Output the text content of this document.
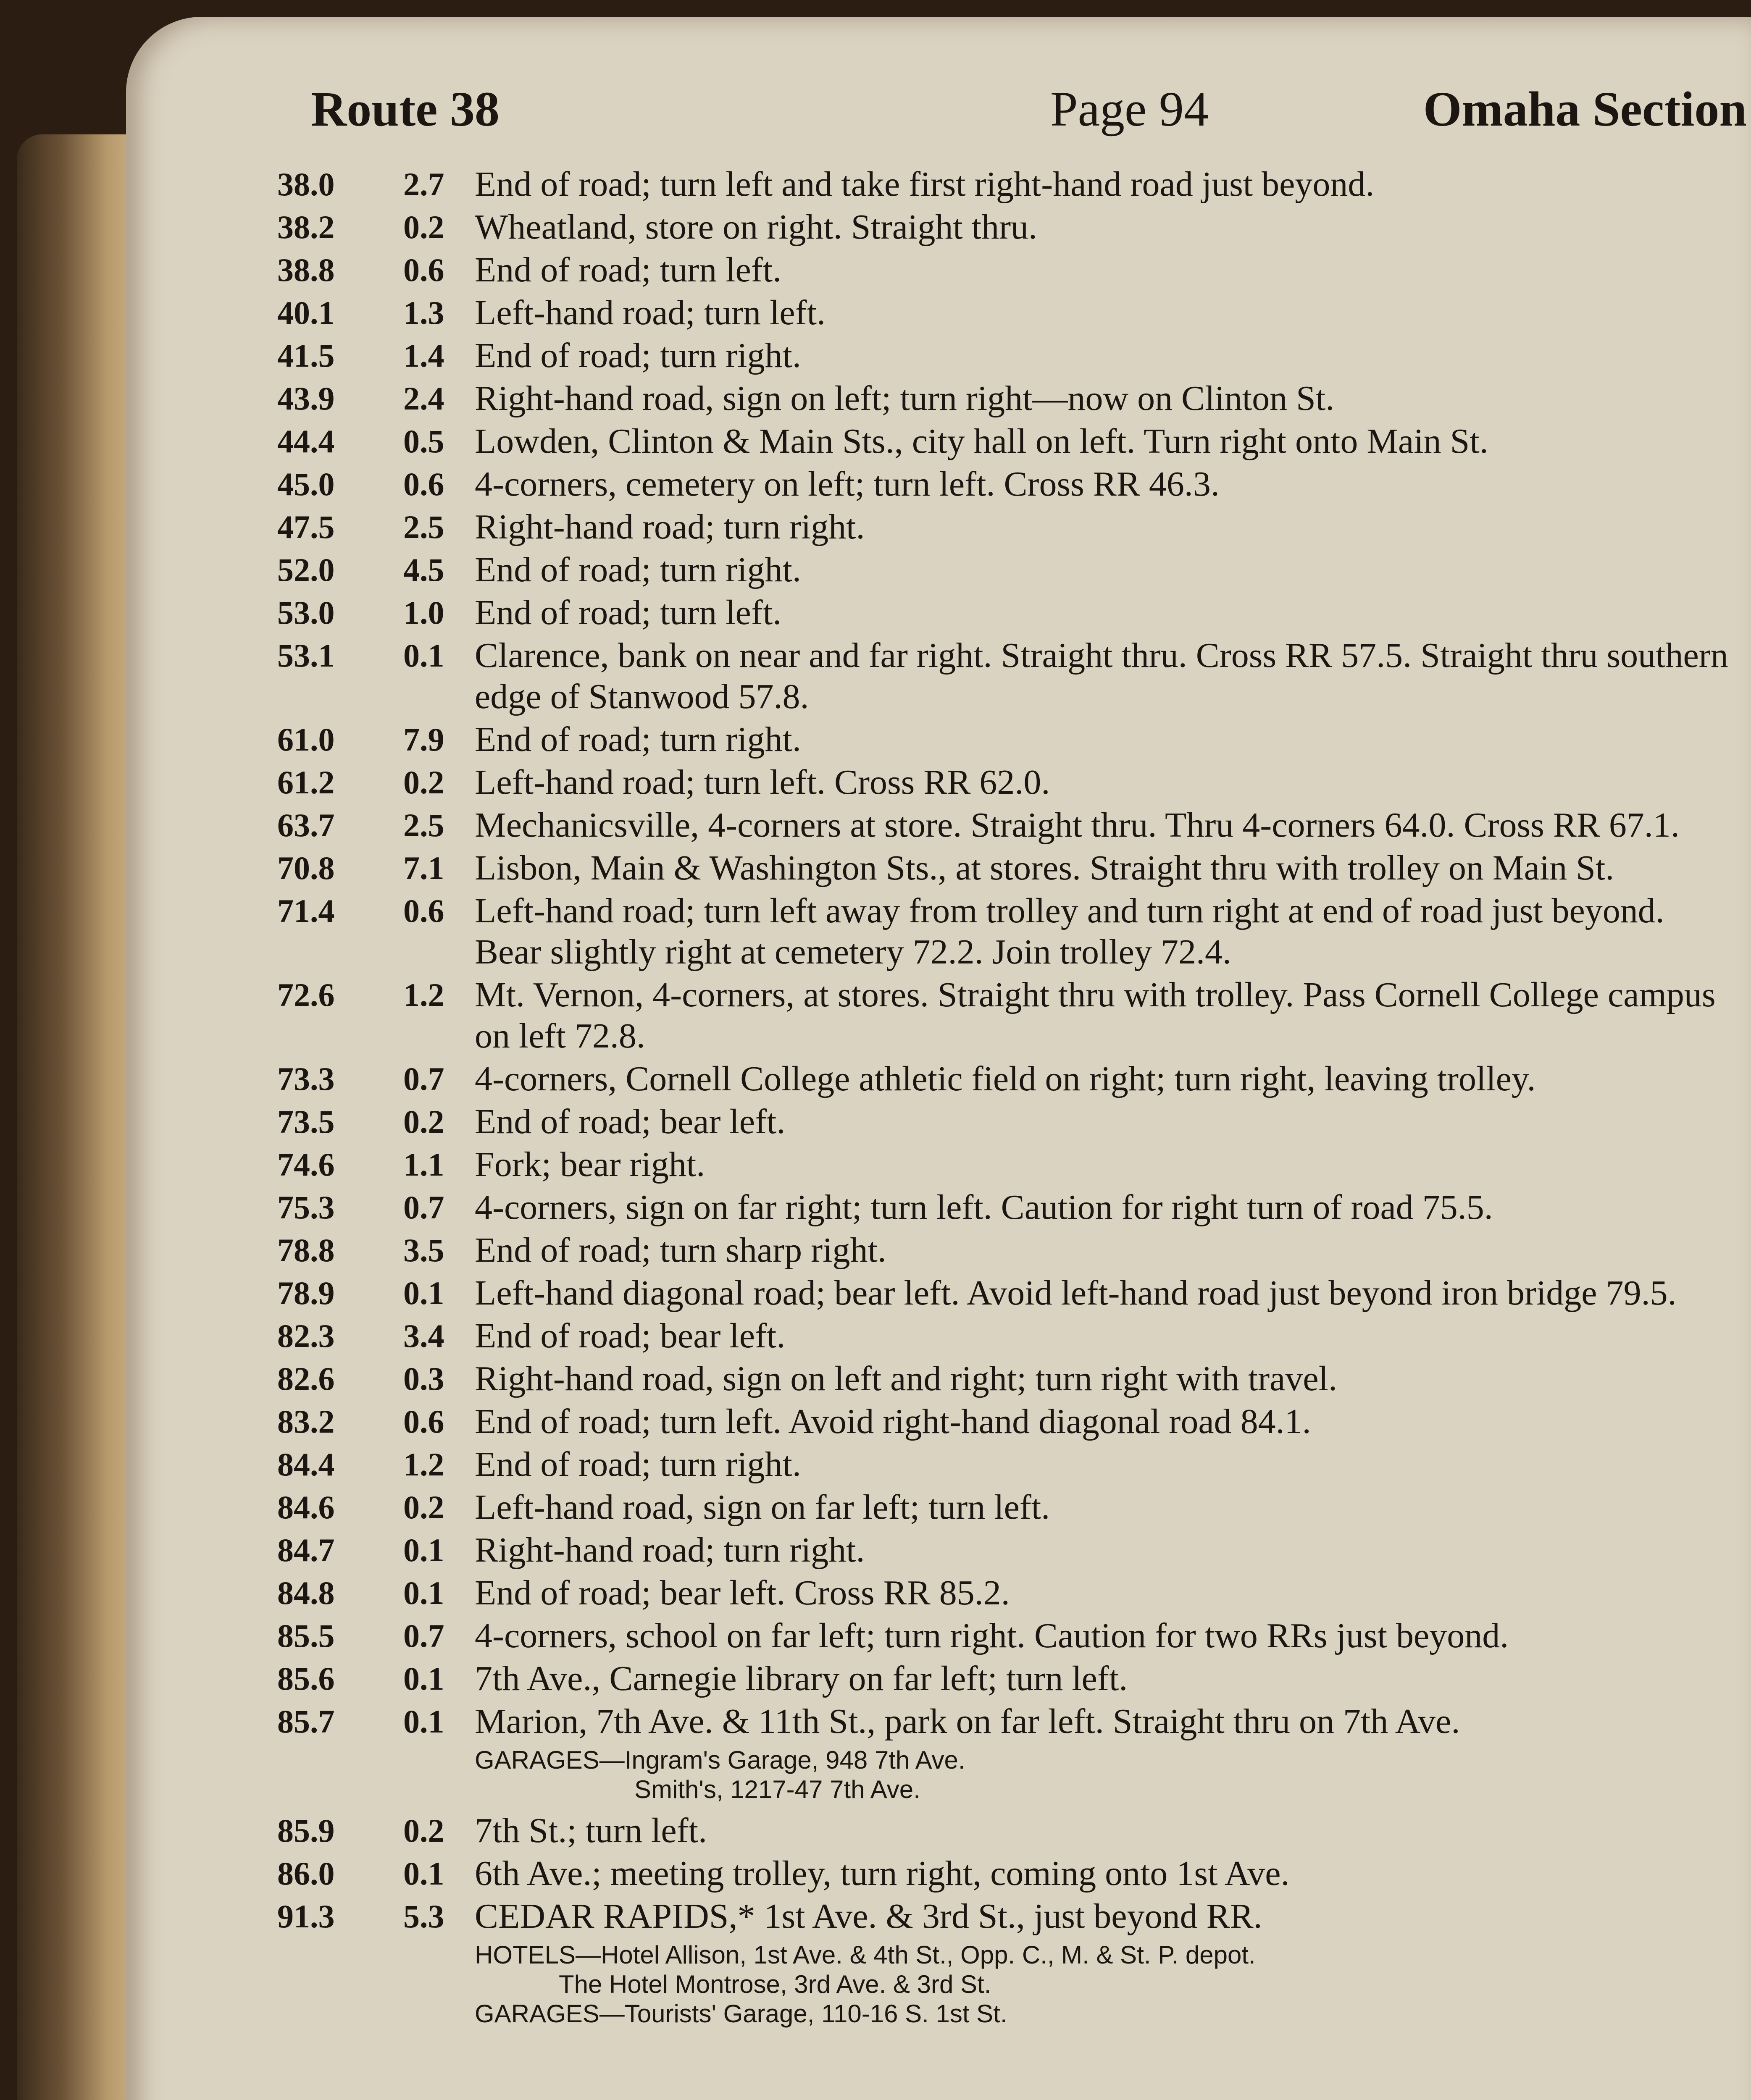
Route 38	Page 94	Omaha Section
38.0	2.7 End of road; turn left and take first right-hand road just beyond.
38.2	0.2 Wheatland, store on right. Straight thru.
38.8	0.6 End of road; turn left.
40.1	1.3 Left-hand road; turn left.
41.5	1.4 End of road; turn right.
43.9	2.4 Right-hand road, sign on left; turn right—now on Clinton St.
44.4	0.5 Lowden, Clinton & Main Sts., city hall on left. Turn right onto Main St.
45.0	0.6 4-corners, cemetery on left; turn left. Cross RR 46.3.
47.5	2.5 Right-hand road; turn right.
52.0	4.5 End of road; turn right.
53.0	1.0 End of road; turn left.
53.1	0.1 Clarence, bank on near and far right. Straight thru. Cross RR 57.5. Straight thru southern edge of Stanwood 57.8.
61.0	7.9 End of road; turn right.
61.2	0.2 Left-hand road; turn left. Cross RR 62.0.
63.7	2.5 Mechanicsville, 4-corners at store. Straight thru. Thru 4-corners 64.0. Cross RR 67.1.
70.8	7.1 Lisbon, Main & Washington Sts., at stores. Straight thru with trolley on Main St.
71.4	0.6 Left-hand road; turn left away from trolley and turn right at end of road just beyond. Bear slightly right at cemetery 72.2. Join trolley 72.4.
72.6	1.2 Mt. Vernon, 4-corners, at stores. Straight thru with trolley. Pass Cornell College campus on left 72.8.
73.3	0.7 4-corners, Cornell College athletic field on right; turn right, leaving trolley.
73.5	0.2 End of road; bear left.
74.6	1.1 Fork; bear right.
75.3	0.7 4-corners, sign on far right; turn left. Caution for right turn of road 75.5.
78.8	3.5 End of road; turn sharp right.
78.9	0.1 Left-hand diagonal road; bear left. Avoid left-hand road just beyond iron bridge 79.5.
82.3	3.4 End of road; bear left.
82.6	0.3 Right-hand road, sign on left and right; turn right with travel.
83.2	0.6 End of road; turn left. Avoid right-hand diagonal road 84.1.
84.4	1.2 End of road; turn right.
84.6	0.2 Left-hand road, sign on far left; turn left.
84.7	0.1 Right-hand road; turn right.
84.8	0.1 End of road; bear left. Cross RR 85.2.
85.5	0.7 4-corners, school on far left; turn right. Caution for two RRs just beyond.
85.6	0.1 7th Ave., Carnegie library on far left; turn left.
85.7	0.1 Marion, 7th Ave. & 11th St., park on far left. Straight thru on 7th Ave.
GARAGES—Ingram's Garage, 948 7th Ave.
Smith's, 1217-47 7th Ave.
85.9	0.2 7th St.; turn left.
86.0	0.1 6th Ave.; meeting trolley, turn right, coming onto 1st Ave.
91.3	5.3 CEDAR RAPIDS,* 1st Ave. & 3rd St., just beyond RR.
HOTELS—Hotel Allison, 1st Ave. & 4th St., Opp. C., M. & St. P. depot.
The Hotel Montrose, 3rd Ave. & 3rd St.
GARAGES—Tourists' Garage, 110-16 S. 1st St.
